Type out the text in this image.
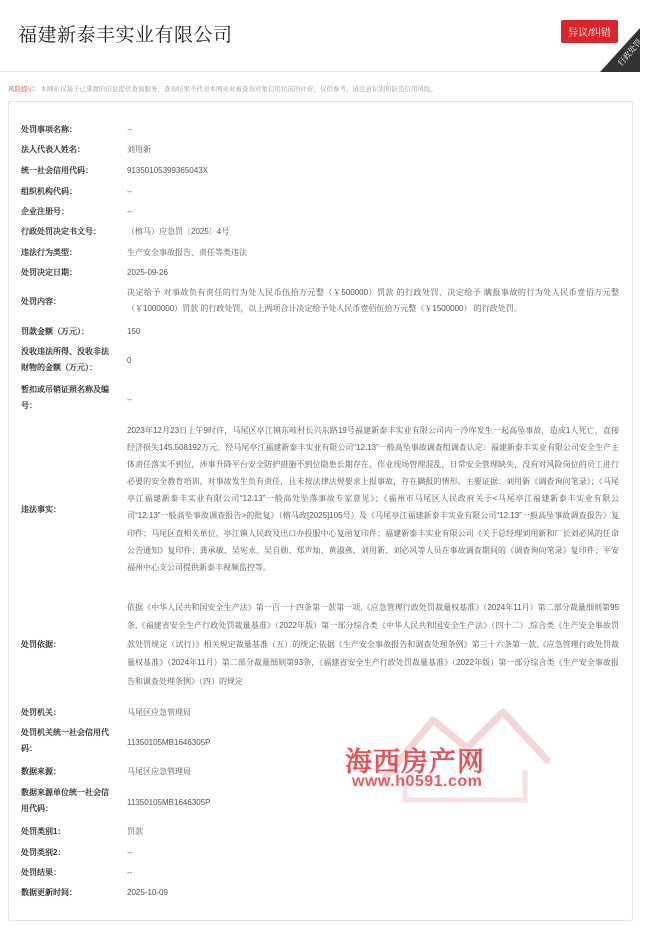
福建新泰丰实业有限公司	异议/纠错
行政处罚
风险提示：本网站仅基于已掌握的信息提供查询服务，查询结果不代表本网站对被查询对象信用状况的评价，仅供参考，请注意识别和防范信用风险。
处罚事项名称：	--
法人代表人姓名：	刘用新
统一社会信用代码：	91350105399365043X
组织机构代码：	--
企业注册号：	--
行政处罚决定书文号：	（榕马）应急罚〔2025〕4号
违法行为类型：	生产安全事故报告、责任等类违法
处罚决定日期：	2025-09-26
处罚内容：
决定给予 对事故负有责任的行为处人民币伍拾万元整（￥500000）罚款 的行政处罚，决定给予 瞒报事故的行为处人民币壹佰万元整（￥1000000）罚款 的行政处罚，以上两项合计决定给予处人民币壹佰伍拾万元整（￥1500000） 的行政处罚。
罚款金额（万元）：	150
没收违法所得、没收非法
财物的金额（万元）：
0
暂扣或吊销证照名称及编
号：
--
违法事实：
2023年12月23日上午9时许，马尾区亭江镇东岐村长兴东路19号福建新泰丰实业有限公司内一冷库发生一起高坠事故，造成1人死亡，直接经济损失145.508192万元。经马尾亭江福建新泰丰实业有限公司“12.13”一般高坠事故调查组调查认定：福建新泰丰实业有限公司安全生产主体责任落实不到位，涉事升降平台安全防护措施不到位隐患长期存在，作业现场管理混乱，日常安全管理缺失，没有对风险岗位的员工进行必要的安全教育培训，对事故发生负有责任，且未按法律法规要求上报事故，存在瞒报的情形。主要证据：刘用新《调查询问笔录》；《马尾亭江福建新泰丰实业有限公司“12.13”一般高处坠落事故专家意见》；《福州市马尾区人民政府关于<马尾亭江福建新泰丰实业有限公司“12.13”一般高坠事故调查报告>的批复》（榕马政[2025]105号）及《马尾亭江福建新泰丰实业有限公司“12.13”一般高坠事故调查报告》复印件；马尾区直相关单位、亭江镇人民政及出口办投服中心复函复印件；福建新泰丰实业有限公司《关于总经理刘用新和厂长刘必风的任命公告通知》复印件；龚承敏、吴宪永、吴自勋、郑声灿、黄淑燕、刘用新、刘必风等人员在事故调查期间的《调查询问笔录》复印件；平安福州中心支公司提供新泰丰视频监控等。
处罚依据：
依据《中华人民共和国安全生产法》第一百一十四条第一款第一项,《应急管理行政处罚裁量权基准》（2024年11月）第二部分裁量细则第95条,《福建省安全生产行政处罚裁量基准》（2022年版）第一部分综合类《中华人民共和国安全生产法》（四十二）,综合类《生产安全事故罚款处罚规定（试行）》相关规定裁量基准（五）的规定;依据《生产安全事故报告和调查处理条例》第三十六条第一款,《应急管理行政处罚裁量权基准》（2024年11月）第二部分裁量细则第93条，《福建省安全生产行政处罚裁量基准》（2022年版）第一部分综合类《生产安全事故报告和调查处理条例》（四）的规定
处罚机关：	马尾区应急管理局
处罚机关统一社会信用代
码：
11350105MB1646305P
数据来源：	马尾区应急管理局
数据来源单位统一社会信
用代码：
11350105MB1646305P
处罚类别1：	罚款
处罚类别2：	--
处罚结果：	--
数据更新时间：	2025-10-09
海西房产网
www.h0591.com
